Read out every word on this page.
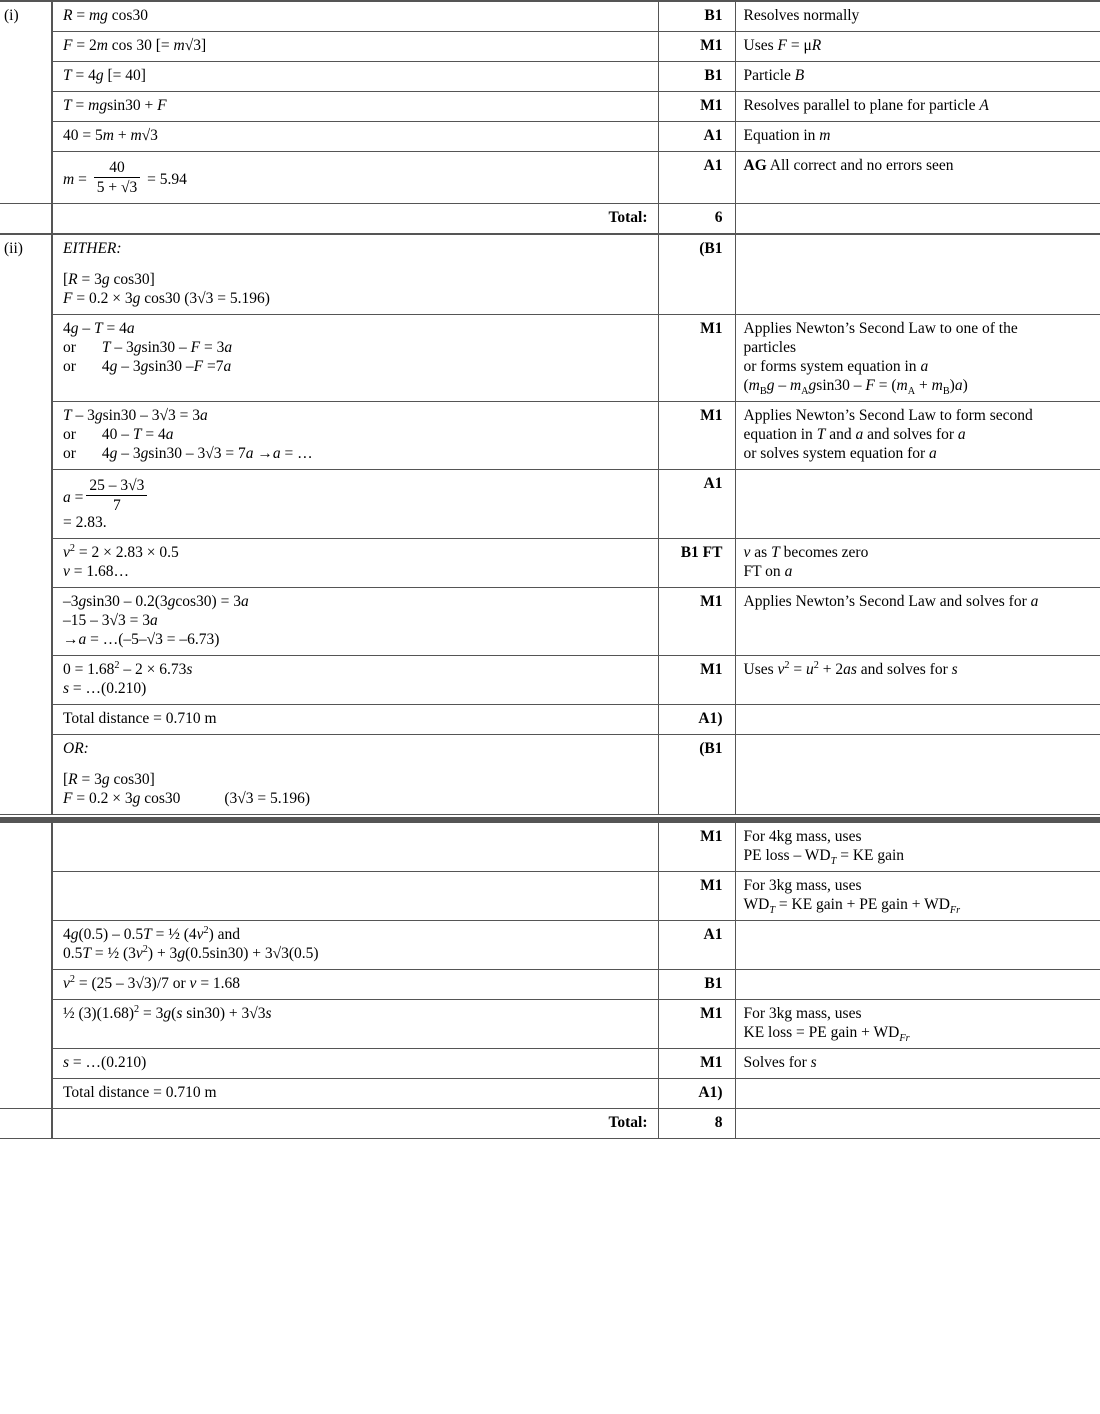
(i)	R = mg cos30	B1	Resolves normally

	F = 2m cos 30 [= m√3]	M1	Uses F = μR

	T = 4g [= 40]	B1	Particle B

	T = mgsin30 + F	M1	Resolves parallel to plane for particle A

	40 = 5m + m√3	A1	Equation in m

	$m = \frac{40}{5 + √3} = 5.94$	A1	AG All correct and no errors seen
	Total:	6	
(ii)	EITHER:
[R = 3g cos30]
F = 0.2 × 3g cos30 (3√3 = 5.196)	(B1	

	4g – T = 4a
or T – 3gsin30 – F = 3a
or 4g – 3gsin30 –F =7a	M1	Applies Newton’s Second Law to one of the
particles
or forms system equation in a
$(m_Bg - m_Agsin30 - F = (m_A + m_B)a)$

	T – 3gsin30 – 3√3 = 3a
or 40 – T = 4a
or 4g – 3gsin30 – 3√3 = 7a →a = …	M1	Applies Newton’s Second Law to form second
equation in T and a and solves for a
or solves system equation for a

	$a = \frac{25 - 3√3}{7}$
= 2.83.	A1	

	$v^2 = 2 \times 2.83 \times 0.5$
v = 1.68…	B1 FT	v as T becomes zero
FT on a

	–3gsin30 – 0.2(3gcos30) = 3a
–15 – 3√3 = 3a
→a = …(–5–√3 = –6.73)	M1	Applies Newton’s Second Law and solves for a

	$0 = 1.68^2 - 2 \times 6.73s$
s = …(0.210)	M1	Uses $v^2 = u^2 + 2as$ and solves for s
	Total distance = 0.710 m	A1)	

	OR:
[R = 3g cos30]
F = 0.2 × 3g cos30 (3√3 = 5.196)	(B1	
		M1	For 4kg mass, uses
PE loss – $WD_T$ = KE gain

		M1	For 3kg mass, uses
$WD_T$ = KE gain + PE gain + $WD_{Fr}$

	4g(0.5) – 0.5T = ½ $(4v^2)$ and
0.5T = ½ $(3v^2) + 3g(0.5\sin 30) + 3√3(0.5)$	A1	

	$v^2 = (25 - 3√3)/7$ or v = 1.68	B1	

	½ $(3)(1.68)^2 = 3g(s$ sin30) + 3√3s	M1	For 3kg mass, uses
KE loss = PE gain + $WD_{Fr}$

	s = …(0.210)	M1	Solves for s
	Total distance = 0.710 m	A1)	
	Total:	8	
